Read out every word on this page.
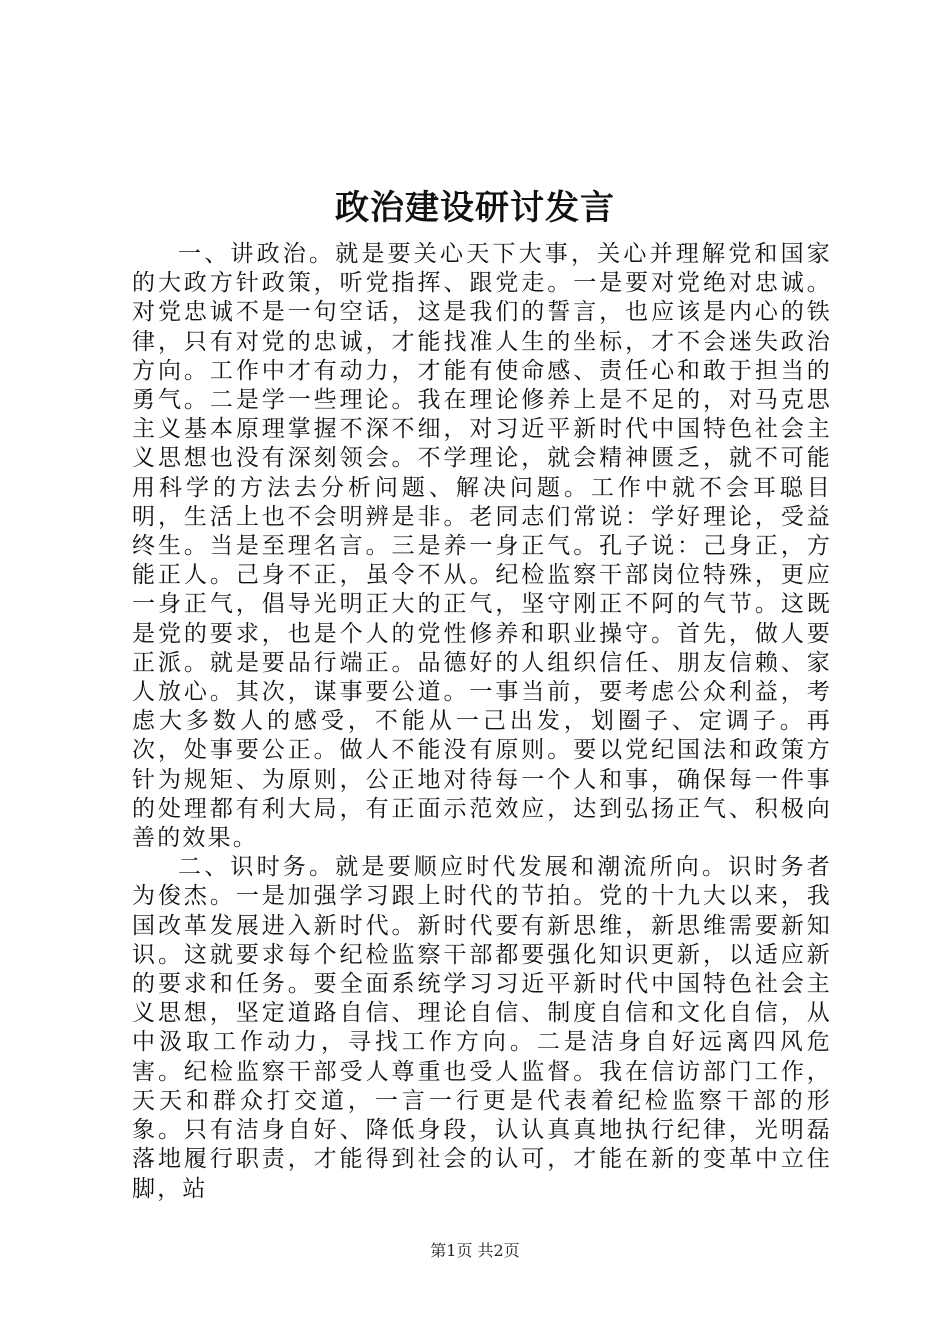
政治建设研讨发言

一、讲政治。就是要关心天下大事，关心并理解党和国家的大政方针政策，听党指挥、跟党走。一是要对党绝对忠诚。对党忠诚不是一句空话，这是我们的誓言，也应该是内心的铁律，只有对党的忠诚，才能找准人生的坐标，才不会迷失政治方向。工作中才有动力，才能有使命感、责任心和敢于担当的勇气。二是学一些理论。我在理论修养上是不足的，对马克思主义基本原理掌握不深不细，对习近平新时代中国特色社会主义思想也没有深刻领会。不学理论，就会精神匮乏，就不可能用科学的方法去分析问题、解决问题。工作中就不会耳聪目明，生活上也不会明辨是非。老同志们常说：学好理论，受益终生。当是至理名言。三是养一身正气。孔子说：己身正，方能正人。己身不正，虽令不从。纪检监察干部岗位特殊，更应一身正气，倡导光明正大的正气，坚守刚正不阿的气节。这既是党的要求，也是个人的党性修养和职业操守。首先，做人要正派。就是要品行端正。品德好的人组织信任、朋友信赖、家人放心。其次，谋事要公道。一事当前，要考虑公众利益，考虑大多数人的感受，不能从一己出发，划圈子、定调子。再次，处事要公正。做人不能没有原则。要以党纪国法和政策方针为规矩、为原则，公正地对待每一个人和事，确保每一件事的处理都有利大局，有正面示范效应，达到弘扬正气、积极向善的效果。

二、识时务。就是要顺应时代发展和潮流所向。识时务者为俊杰。一是加强学习跟上时代的节拍。党的十九大以来，我国改革发展进入新时代。新时代要有新思维，新思维需要新知识。这就要求每个纪检监察干部都要强化知识更新，以适应新的要求和任务。要全面系统学习习近平新时代中国特色社会主义思想，坚定道路自信、理论自信、制度自信和文化自信，从中汲取工作动力，寻找工作方向。二是洁身自好远离四风危害。纪检监察干部受人尊重也受人监督。我在信访部门工作，天天和群众打交道，一言一行更是代表着纪检监察干部的形象。只有洁身自好、降低身段，认认真真地执行纪律，光明磊落地履行职责，才能得到社会的认可，才能在新的变革中立住脚，站

第1页 共2页
